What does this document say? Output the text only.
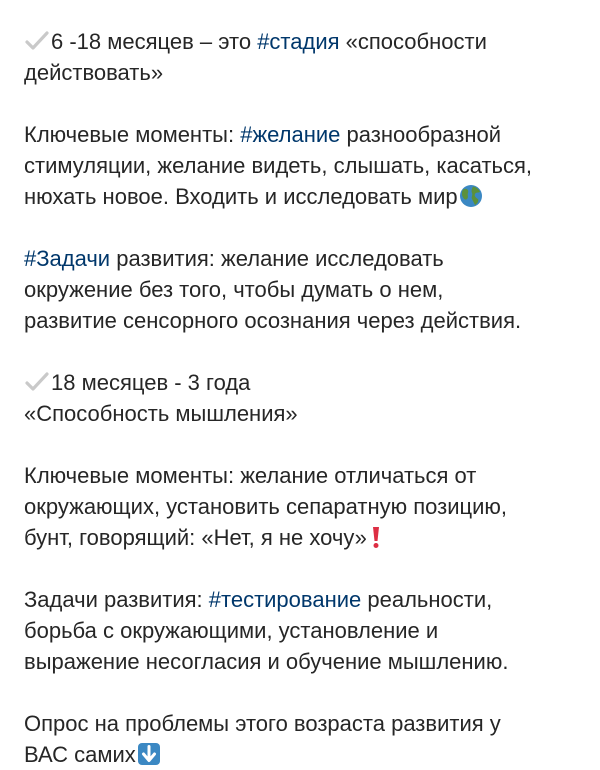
6 -18 месяцев – это #стадия «способности
действовать»

Ключевые моменты: #желание разнообразной
стимуляции, желание видеть, слышать, касаться,
нюхать новое. Входить и исследовать мир

#Задачи развития: желание исследовать
окружение без того, чтобы думать о нем,
развитие сенсорного осознания через действия.

18 месяцев - 3 года
«Способность мышления»

Ключевые моменты: желание отличаться от
окружающих, установить сепаратную позицию,
бунт, говорящий: «Нет, я не хочу»

Задачи развития: #тестирование реальности,
борьба с окружающими, установление и
выражение несогласия и обучение мышлению.

Опрос на проблемы этого возраста развития у
ВАС самих
